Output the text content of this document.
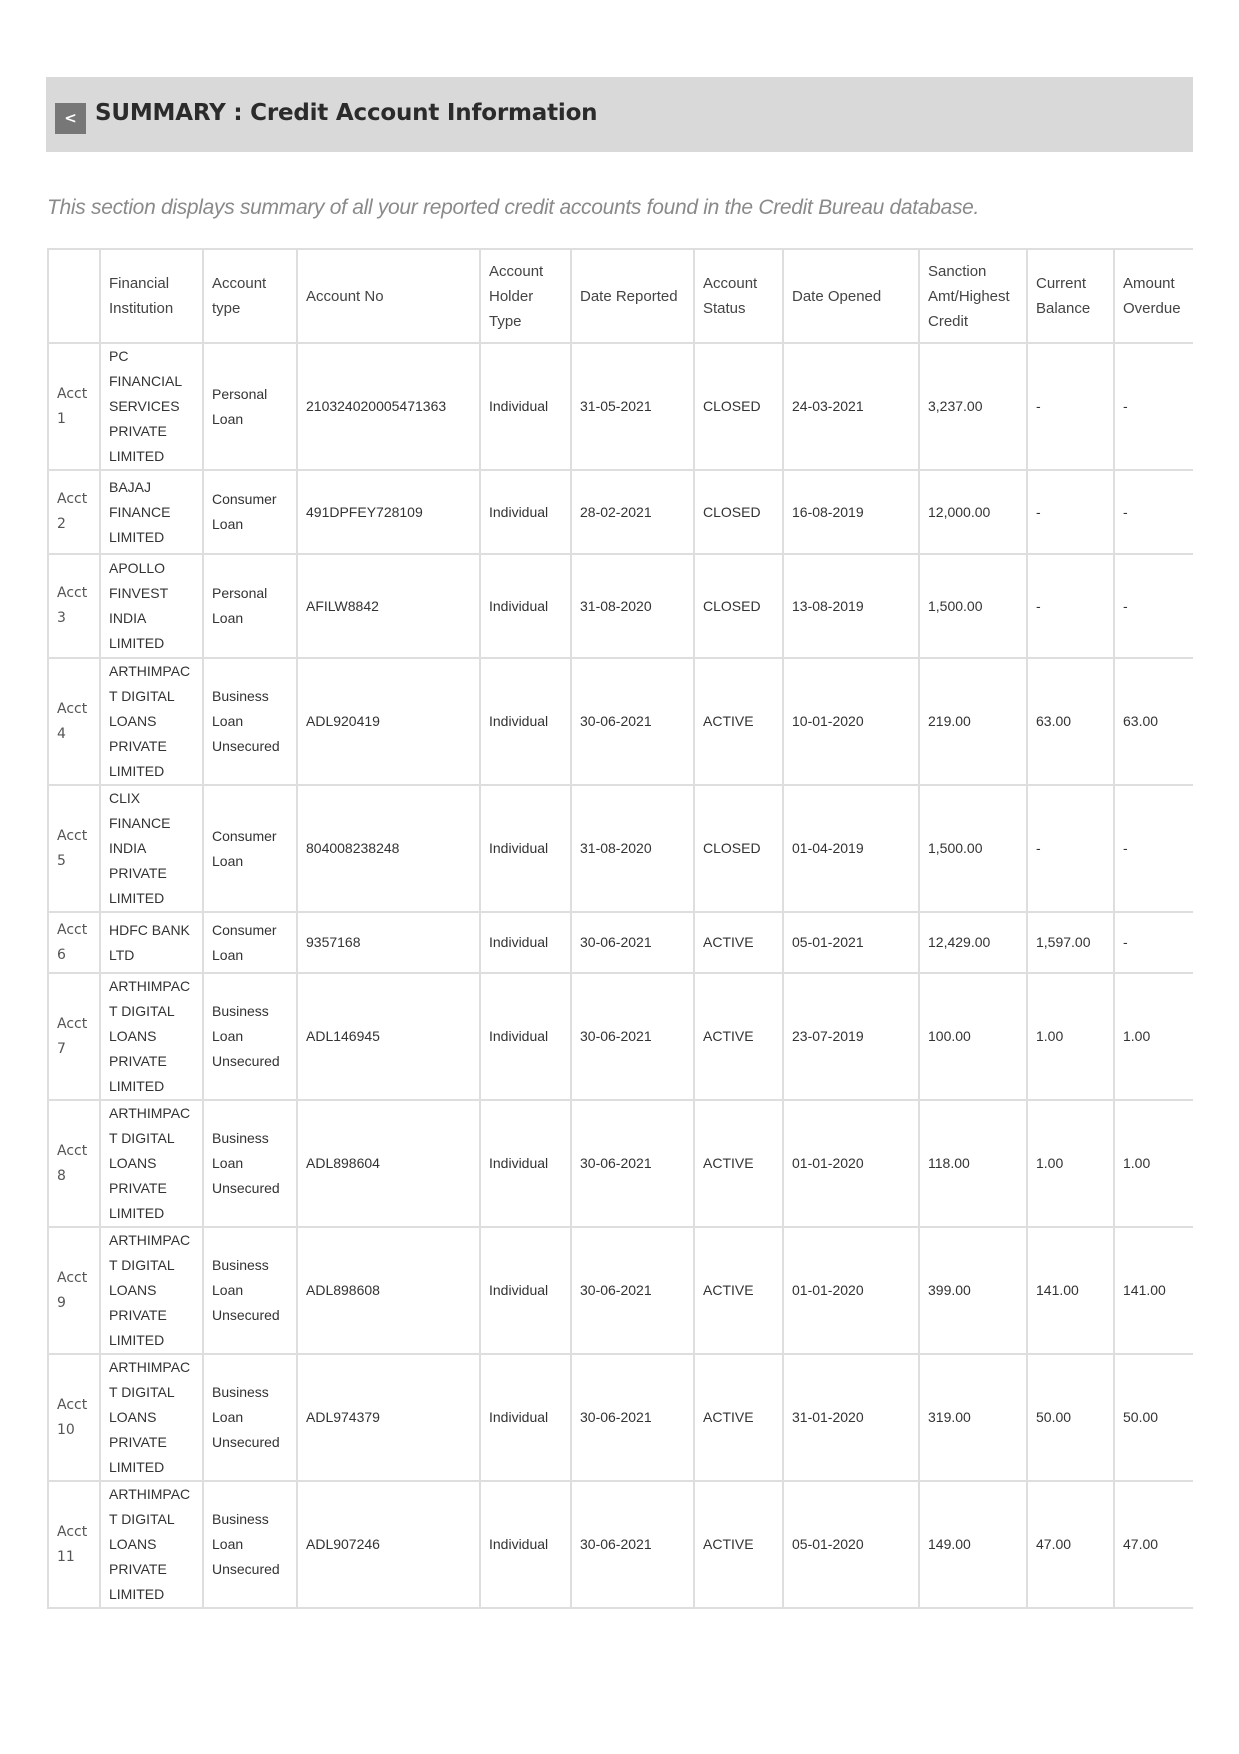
< SUMMARY : Credit Account Information
This section displays summary of all your reported credit accounts found in the Credit Bureau database.
	Financial Institution	Account type	Account No	Account Holder Type	Date Reported	Account Status	Date Opened	Sanction Amt/Highest Credit	Current Balance	Amount Overdue
Acct 1	PC FINANCIAL SERVICES PRIVATE LIMITED	Personal Loan	210324020005471363	Individual	31-05-2021	CLOSED	24-03-2021	3,237.00	-	-
Acct 2	BAJAJ FINANCE LIMITED	Consumer Loan	491DPFEY728109	Individual	28-02-2021	CLOSED	16-08-2019	12,000.00	-	-
Acct 3	APOLLO FINVEST INDIA LIMITED	Personal Loan	AFILW8842	Individual	31-08-2020	CLOSED	13-08-2019	1,500.00	-	-
Acct 4	ARTHIMPACT DIGITAL LOANS PRIVATE LIMITED	Business Loan Unsecured	ADL920419	Individual	30-06-2021	ACTIVE	10-01-2020	219.00	63.00	63.00
Acct 5	CLIX FINANCE INDIA PRIVATE LIMITED	Consumer Loan	804008238248	Individual	31-08-2020	CLOSED	01-04-2019	1,500.00	-	-
Acct 6	HDFC BANK LTD	Consumer Loan	9357168	Individual	30-06-2021	ACTIVE	05-01-2021	12,429.00	1,597.00	-
Acct 7	ARTHIMPACT DIGITAL LOANS PRIVATE LIMITED	Business Loan Unsecured	ADL146945	Individual	30-06-2021	ACTIVE	23-07-2019	100.00	1.00	1.00
Acct 8	ARTHIMPACT DIGITAL LOANS PRIVATE LIMITED	Business Loan Unsecured	ADL898604	Individual	30-06-2021	ACTIVE	01-01-2020	118.00	1.00	1.00
Acct 9	ARTHIMPACT DIGITAL LOANS PRIVATE LIMITED	Business Loan Unsecured	ADL898608	Individual	30-06-2021	ACTIVE	01-01-2020	399.00	141.00	141.00
Acct 10	ARTHIMPACT DIGITAL LOANS PRIVATE LIMITED	Business Loan Unsecured	ADL974379	Individual	30-06-2021	ACTIVE	31-01-2020	319.00	50.00	50.00
Acct 11	ARTHIMPACT DIGITAL LOANS PRIVATE LIMITED	Business Loan Unsecured	ADL907246	Individual	30-06-2021	ACTIVE	05-01-2020	149.00	47.00	47.00
